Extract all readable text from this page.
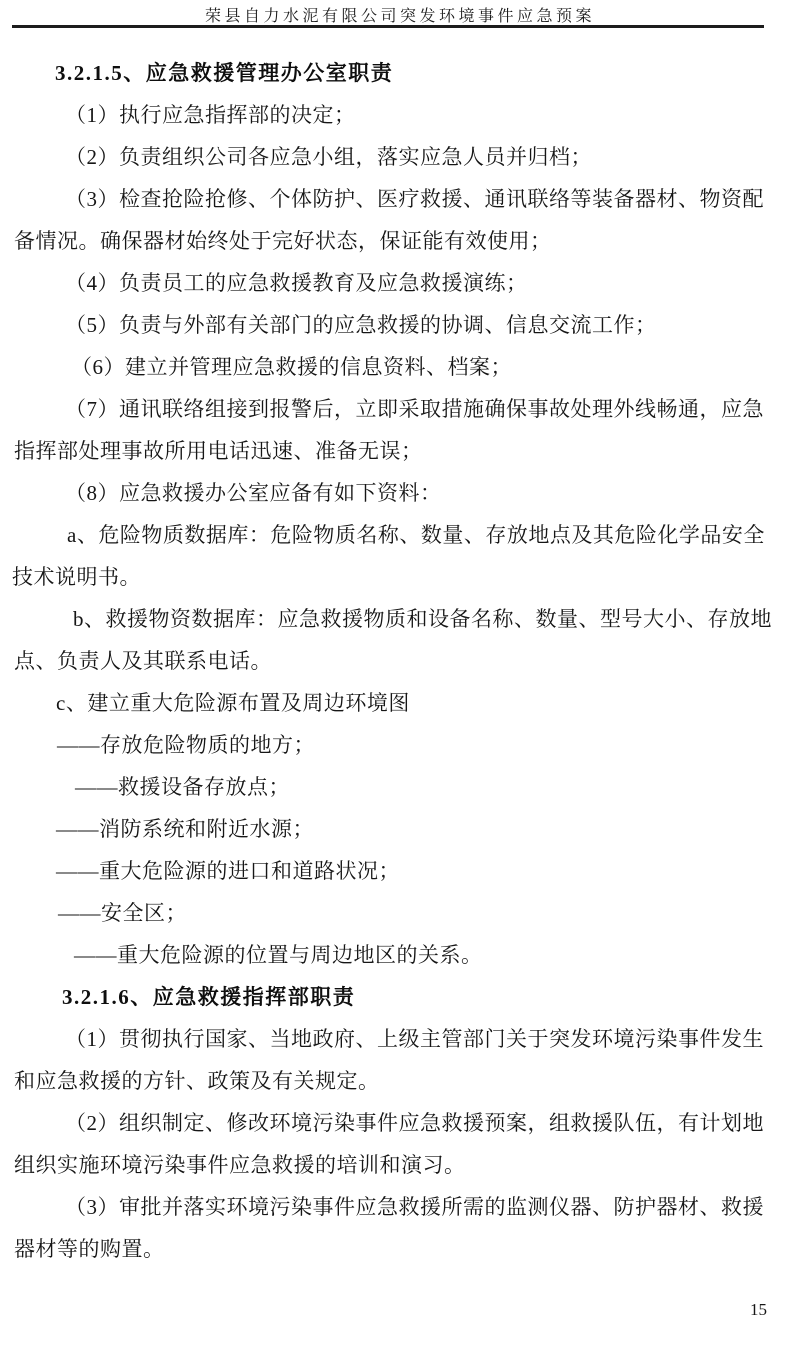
荣县自力水泥有限公司突发环境事件应急预案
3.2.1.5、应急救援管理办公室职责
（1）执行应急指挥部的决定；
（2）负责组织公司各应急小组，落实应急人员并归档；
（3）检查抢险抢修、个体防护、医疗救援、通讯联络等装备器材、物资配
备情况。确保器材始终处于完好状态，保证能有效使用；
（4）负责员工的应急救援教育及应急救援演练；
（5）负责与外部有关部门的应急救援的协调、信息交流工作；
（6）建立并管理应急救援的信息资料、档案；
（7）通讯联络组接到报警后，立即采取措施确保事故处理外线畅通，应急
指挥部处理事故所用电话迅速、准备无误；
（8）应急救援办公室应备有如下资料：
a、危险物质数据库：危险物质名称、数量、存放地点及其危险化学品安全
技术说明书。
b、救援物资数据库：应急救援物质和设备名称、数量、型号大小、存放地
点、负责人及其联系电话。
c、建立重大危险源布置及周边环境图
——存放危险物质的地方；
——救援设备存放点；
——消防系统和附近水源；
——重大危险源的进口和道路状况；
——安全区；
——重大危险源的位置与周边地区的关系。
3.2.1.6、应急救援指挥部职责
（1）贯彻执行国家、当地政府、上级主管部门关于突发环境污染事件发生
和应急救援的方针、政策及有关规定。
（2）组织制定、修改环境污染事件应急救援预案，组救援队伍，有计划地
组织实施环境污染事件应急救援的培训和演习。
（3）审批并落实环境污染事件应急救援所需的监测仪器、防护器材、救援
器材等的购置。
15
